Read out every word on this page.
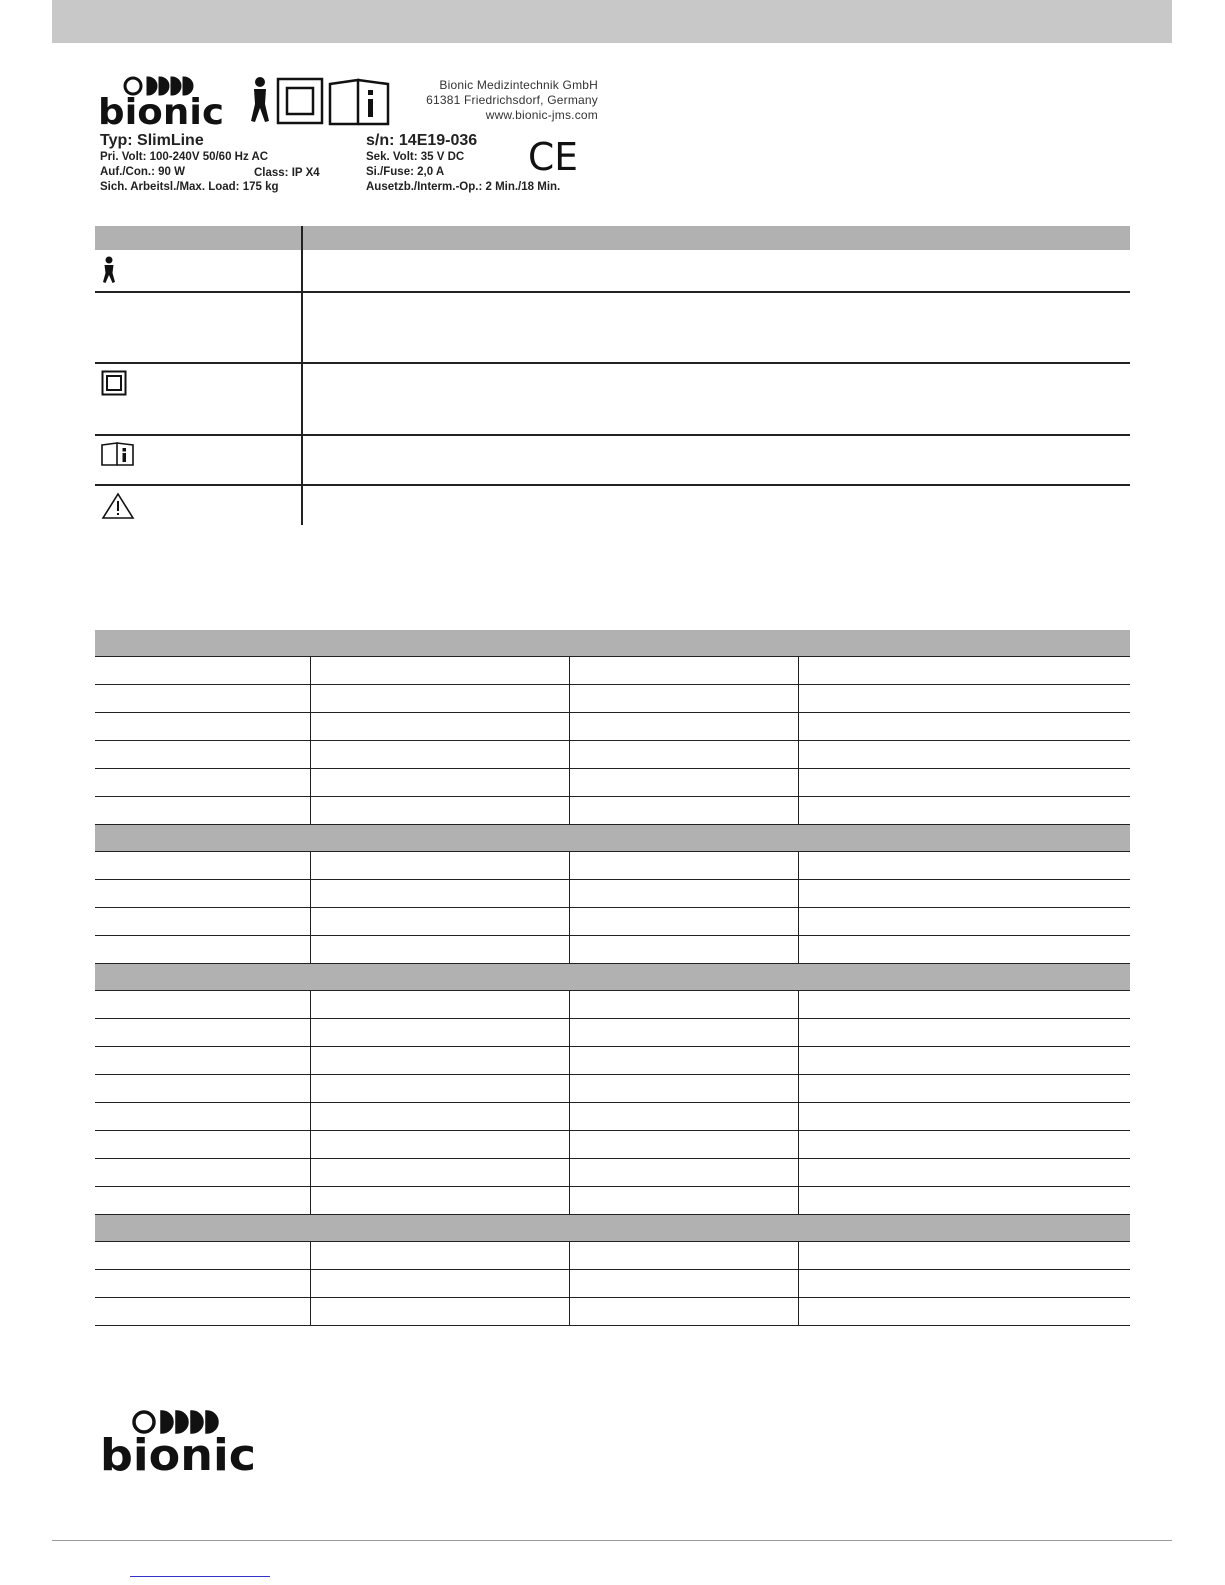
bionic
Bionic Medizintechnik GmbH
61381 Friedrichsdorf, Germany
www.bionic-jms.com
Typ: SlimLine
Pri. Volt: 100-240V 50/60 Hz AC
Auf./Con.: 90 W
Sich. Arbeitsl./Max. Load: 175 kg
Class: IP X4
s/n: 14E19-036
Sek. Volt: 35 V DC
Si./Fuse: 2,0 A
Ausetzb./Interm.-Op.: 2 Min./18 Min.
CE

bionic
